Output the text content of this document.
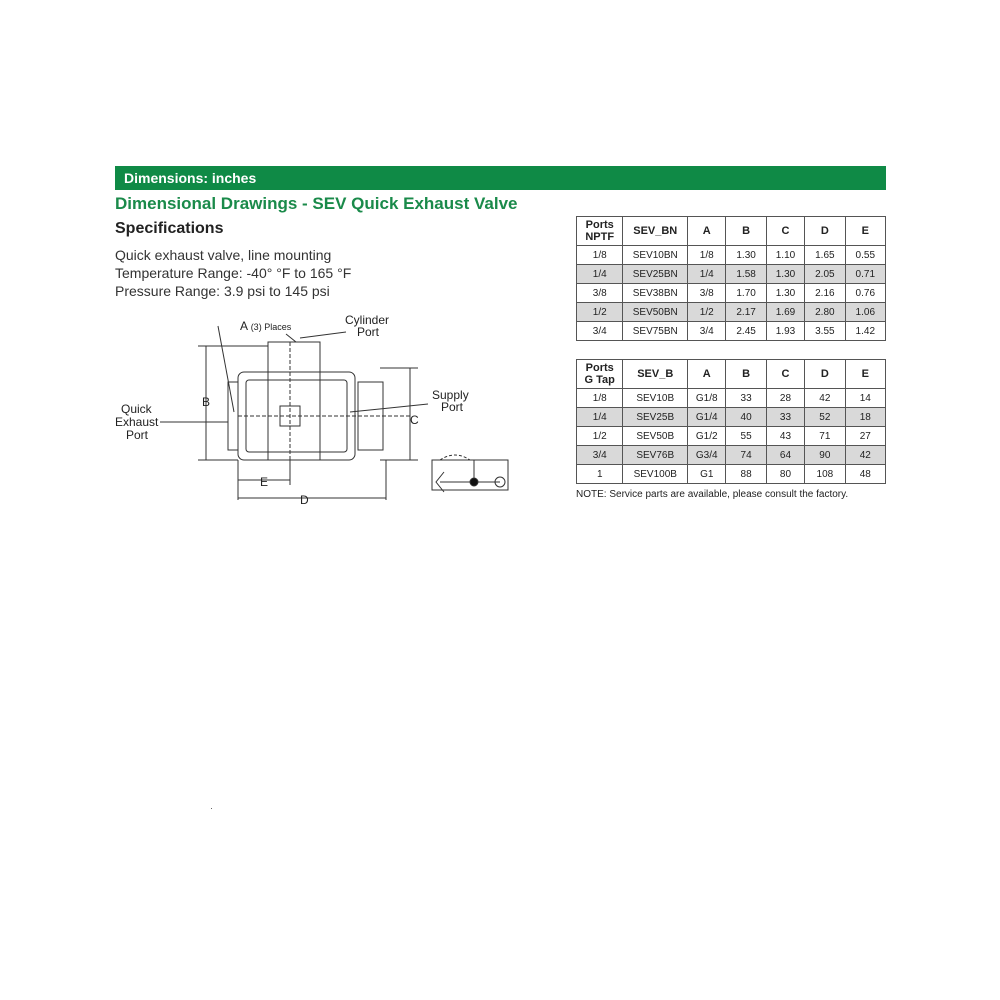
Dimensions: inches
Dimensional Drawings - SEV Quick Exhaust Valve
Specifications
Quick exhaust valve, line mounting
Temperature Range: -40° °F to 165 °F
Pressure Range: 3.9 psi to 145 psi
A (3) Places	Cylinder
Port
Supply
Port
Quick
Exhaust
Port
B
C
D
E
Ports
NPTF	SEV_BN	A	B	C	D	E
1/8	SEV10BN	1/8	1.30	1.10	1.65	0.55
1/4	SEV25BN	1/4	1.58	1.30	2.05	0.71
3/8	SEV38BN	3/8	1.70	1.30	2.16	0.76
1/2	SEV50BN	1/2	2.17	1.69	2.80	1.06
3/4	SEV75BN	3/4	2.45	1.93	3.55	1.42
Ports
G Tap	SEV_B	A	B	C	D	E
1/8	SEV10B	G1/8	33	28	42	14
1/4	SEV25B	G1/4	40	33	52	18
1/2	SEV50B	G1/2	55	43	71	27
3/4	SEV76B	G3/4	74	64	90	42
1	SEV100B	G1	88	80	108	48
NOTE: Service parts are available, please consult the factory.
